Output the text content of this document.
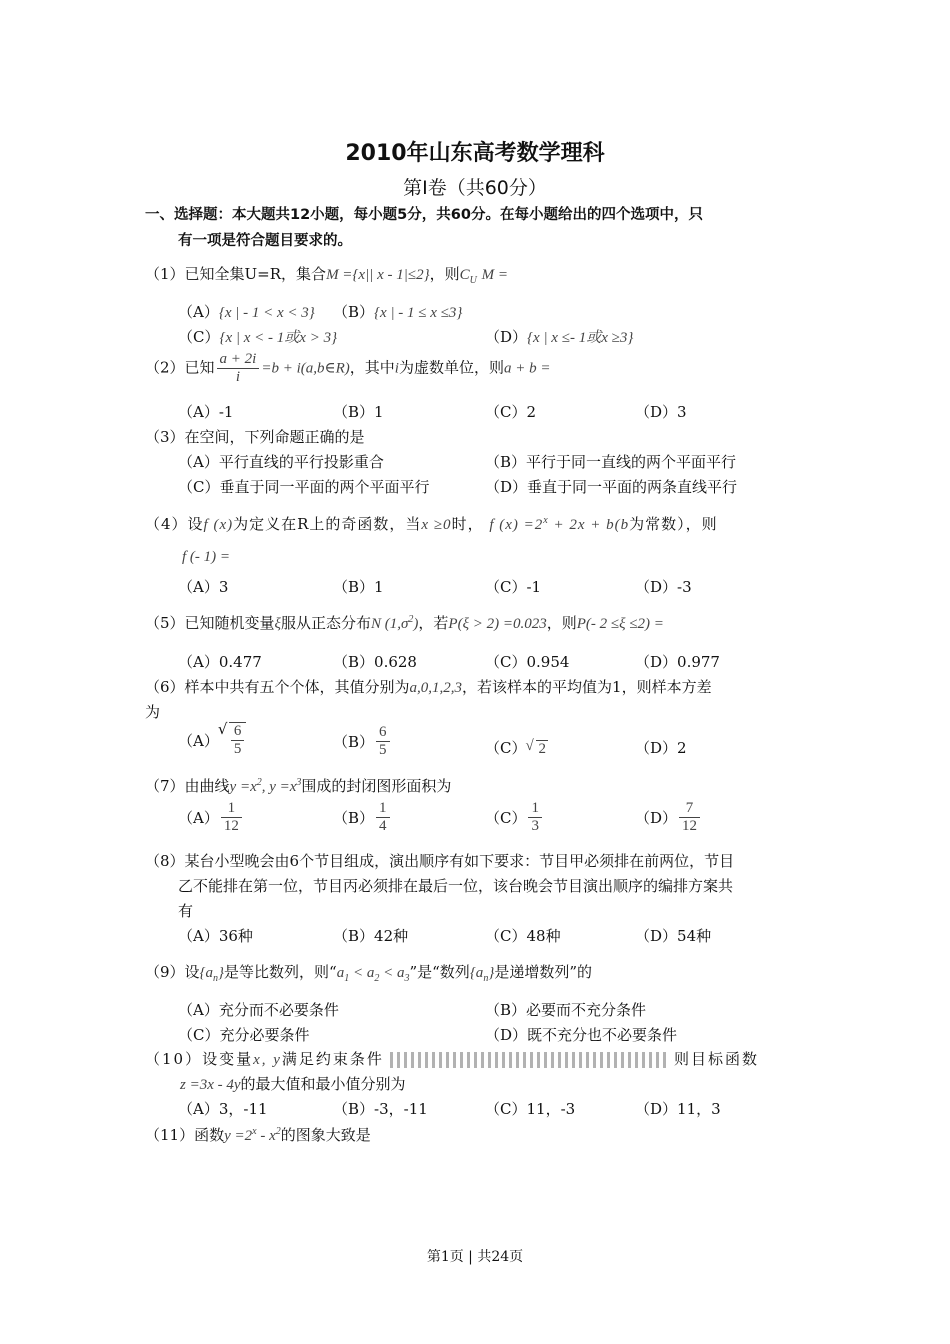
2010年山东高考数学理科
第Ⅰ卷（共60分）
一、选择题：本大题共12小题，每小题5分，共60分。在每小题给出的四个选项中，只
有一项是符合题目要求的。
（1）已知全集U=R，集合M ={x|| x - 1|≤2}，则$C_U$ M =
（A）{x | - 1 < x < 3} （B）{x | - 1 ≤ x ≤3}
（C）{x | x < - 1或x > 3}	（D）{x | x ≤- 1或x ≥3}
（2）已知 $\frac{a + 2i}{i} =b$ + i(a,b∈R)，其中i为虚数单位，则a + b =
（A）-1	（B）1	（C）2	（D）3
（3）在空间，下列命题正确的是
（A）平行直线的平行投影重合	（B）平行于同一直线的两个平面平行
（C）垂直于同一平面的两个平面平行	（D）垂直于同一平面的两条直线平行
（4）设f (x)为定义在R上的奇函数，当x ≥0时， f $(x) =2^x + 2x + b(b$为常数），则
f (- 1) =
（A）3	（B）1	（C）-1	（D）-3
（5）已知随机变量ξ服从正态分布N $(1,\sigma^2)$，若P(ξ > 2) =0.023，则P(- 2 ≤ξ ≤2) =
（A）0.477	（B）0.628	（C）0.954	（D）0.977
（6）样本中共有五个个体，其值分别为a,0,1,2,3，若该样本的平均值为1，则样本方差
为
（A） √ $\frac{6}{5}$	$(B) \frac{6}{5}$	（C） √ 2	（D）2
（7）由曲线$y =x^2$, $y =x^3$围成的封闭图形面积为
$(A) \frac{1}{12}$	$(B) \frac{1}{4}$	$(C) \frac{1}{3}$	$(D) \frac{7}{12}$
（8）某台小型晚会由6个节目组成，演出顺序有如下要求：节目甲必须排在前两位，节目
乙不能排在第一位，节目丙必须排在最后一位，该台晚会节目演出顺序的编排方案共
有
（A）36种	（B）42种	（C）48种	（D）54种
（9）设$\{a_n\}$是等比数列，则“$a_1 < a_2 < a_3$”是“数列$\{a_n\}$是递增数列”的
（A）充分而不必要条件	（B）必要而不充分条件
（C）充分必要条件	（D）既不充分也不必要条件
（10）设变量x, y满足约束条件	则目标函数
z =3x - 4y的最大值和最小值分别为
（A）3，-11	（B）-3，-11	（C）11，-3	（D）11，3
（11）函数$y =2^x - x^2$的图象大致是
第1页 | 共24页
